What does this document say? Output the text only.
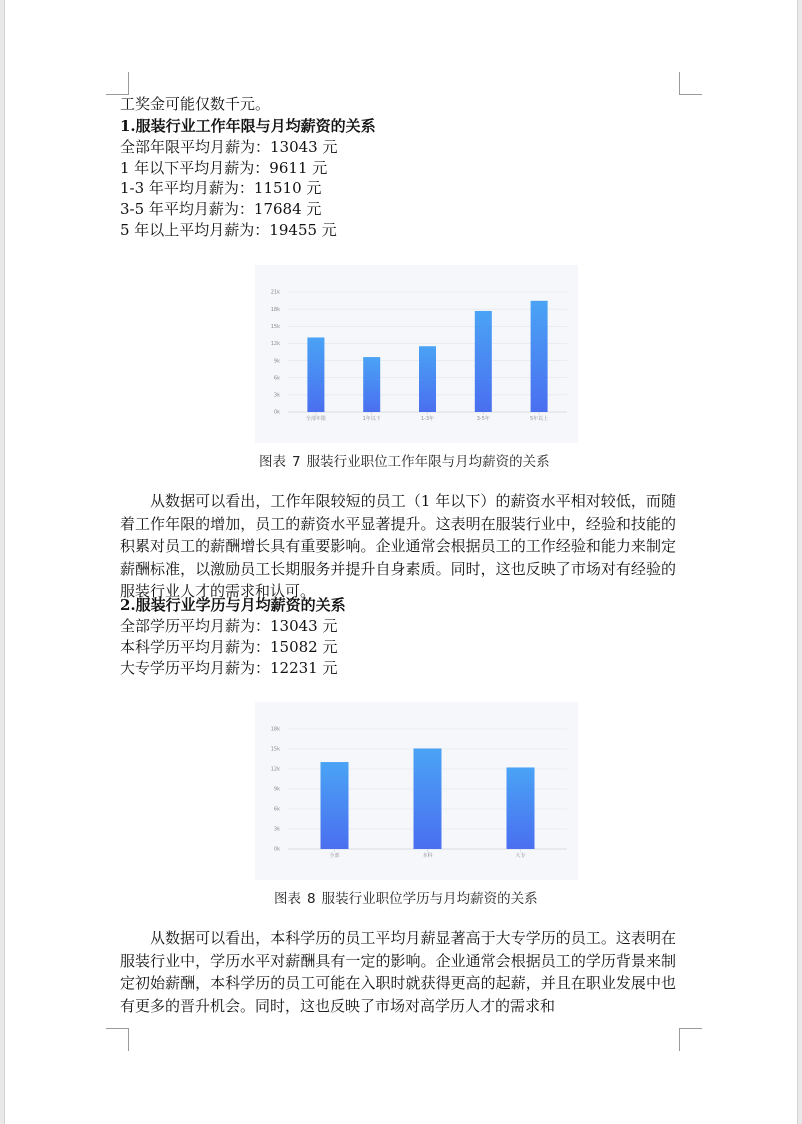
工奖金可能仅数千元。
1.服装行业工作年限与月均薪资的关系
全部年限平均月薪为：13043 元
1 年以下平均月薪为：9611 元
1-3 年平均月薪为：11510 元
3-5 年平均月薪为：17684 元
5 年以上平均月薪为：19455 元
0k
3k
6k
9k
12k
15k
18k
21k
全部年限	1年以下	1-3年	3-5年	5年以上
图表 7 服装行业职位工作年限与月均薪资的关系
从数据可以看出，工作年限较短的员工（1 年以下）的薪资水平相对较低，而随着工作年限的增加，员工的薪资水平显著提升。这表明在服装行业中，经验和技能的积累对员工的薪酬增长具有重要影响。企业通常会根据员工的工作经验和能力来制定薪酬标准，以激励员工长期服务并提升自身素质。同时，这也反映了市场对有经验的服装行业人才的需求和认可。
2.服装行业学历与月均薪资的关系
全部学历平均月薪为：13043 元
本科学历平均月薪为：15082 元
大专学历平均月薪为：12231 元
0k
3k
6k
9k
12k
15k
18k
全部	本科	大专
图表 8 服装行业职位学历与月均薪资的关系
从数据可以看出，本科学历的员工平均月薪显著高于大专学历的员工。这表明在服装行业中，学历水平对薪酬具有一定的影响。企业通常会根据员工的学历背景来制定初始薪酬，本科学历的员工可能在入职时就获得更高的起薪，并且在职业发展中也有更多的晋升机会。同时，这也反映了市场对高学历人才的需求和
